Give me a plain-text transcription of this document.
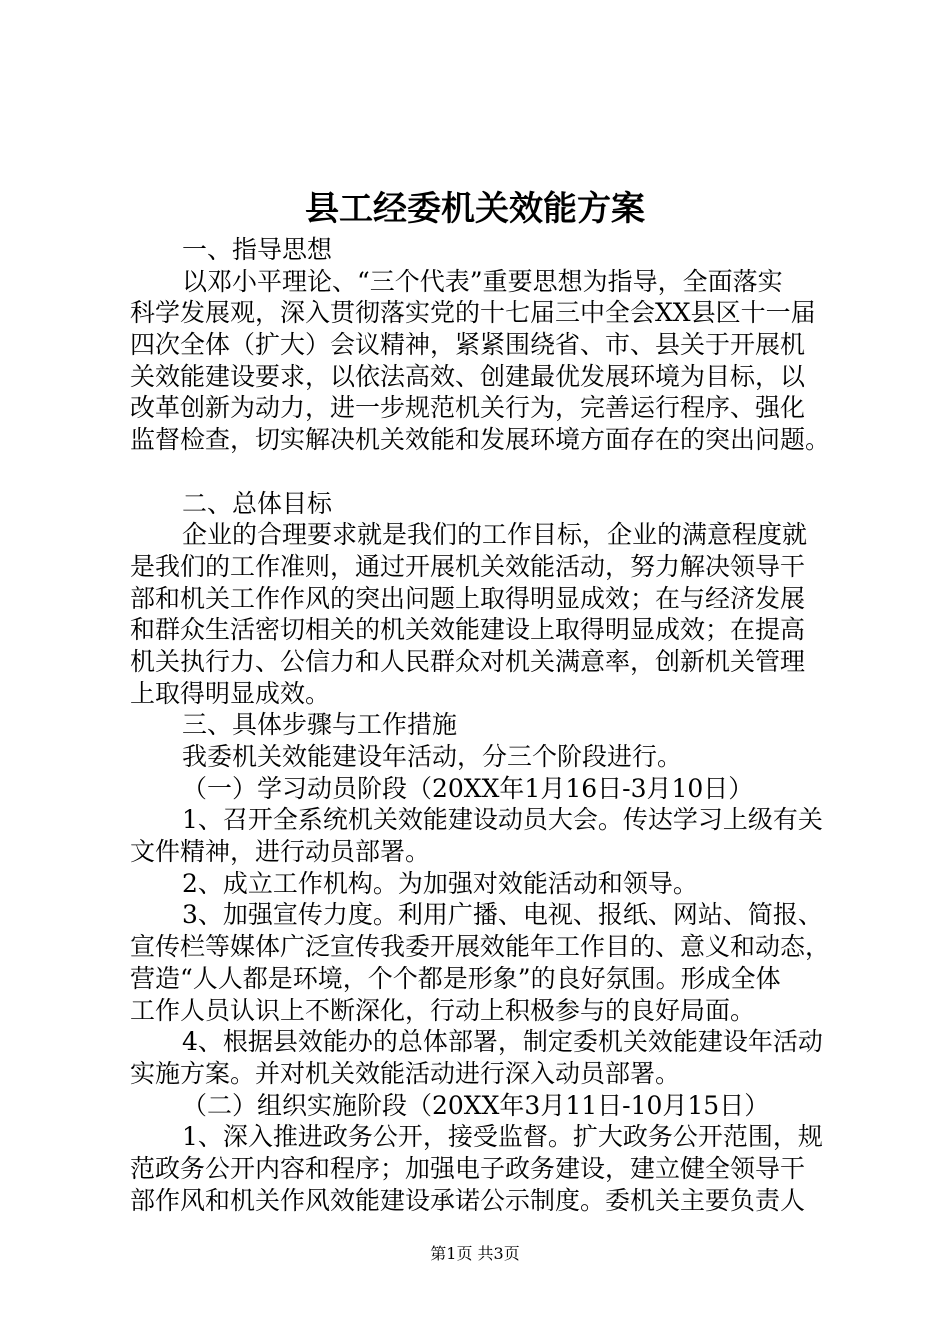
县工经委机关效能方案
一、指导思想
以邓小平理论、“三个代表”重要思想为指导，全面落实
科学发展观，深入贯彻落实党的十七届三中全会XX县区十一届
四次全体（扩大）会议精神，紧紧围绕省、市、县关于开展机
关效能建设要求，以依法高效、创建最优发展环境为目标，以
改革创新为动力，进一步规范机关行为，完善运行程序、强化
监督检查，切实解决机关效能和发展环境方面存在的突出问题。
二、总体目标
企业的合理要求就是我们的工作目标，企业的满意程度就
是我们的工作准则，通过开展机关效能活动，努力解决领导干
部和机关工作作风的突出问题上取得明显成效；在与经济发展
和群众生活密切相关的机关效能建设上取得明显成效；在提高
机关执行力、公信力和人民群众对机关满意率，创新机关管理
上取得明显成效。
三、具体步骤与工作措施
我委机关效能建设年活动，分三个阶段进行。
（一）学习动员阶段（20XX年1月16日-3月10日）
1、召开全系统机关效能建设动员大会。传达学习上级有关
文件精神，进行动员部署。
2、成立工作机构。为加强对效能活动和领导。
3、加强宣传力度。利用广播、电视、报纸、网站、简报、
宣传栏等媒体广泛宣传我委开展效能年工作目的、意义和动态，
营造“人人都是环境，个个都是形象”的良好氛围。形成全体
工作人员认识上不断深化，行动上积极参与的良好局面。
4、根据县效能办的总体部署，制定委机关效能建设年活动
实施方案。并对机关效能活动进行深入动员部署。
（二）组织实施阶段（20XX年3月11日-10月15日）
1、深入推进政务公开，接受监督。扩大政务公开范围，规
范政务公开内容和程序；加强电子政务建设，建立健全领导干
部作风和机关作风效能建设承诺公示制度。委机关主要负责人
第1页 共3页
